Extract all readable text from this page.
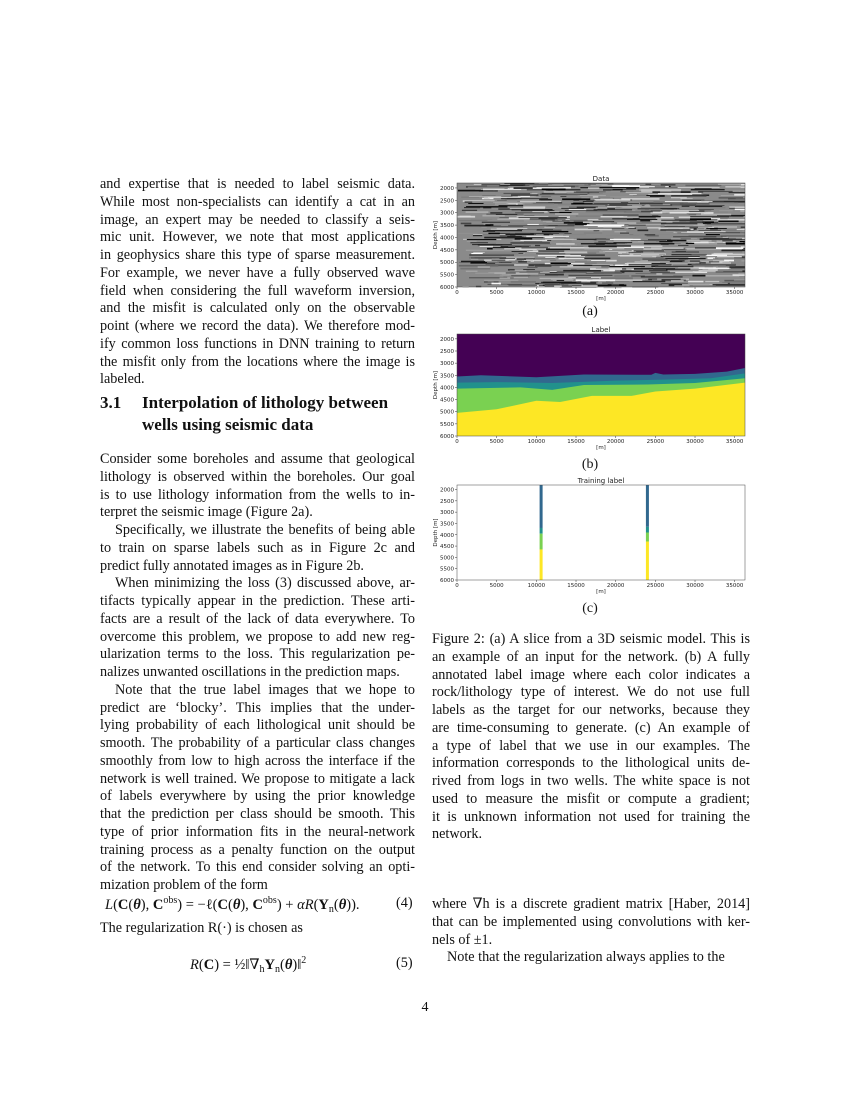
and expertise that is needed to label seismic data.
While most non-specialists can identify a cat in an
image, an expert may be needed to classify a seis-
mic unit. However, we note that most applications
in geophysics share this type of sparse measurement.
For example, we never have a fully observed wave
field when considering the full waveform inversion,
and the misfit is calculated only on the observable
point (where we record the data). We therefore mod-
ify common loss functions in DNN training to return
the misfit only from the locations where the image is
labeled.
3.1 Interpolation of lithology between
wells using seismic data
Consider some boreholes and assume that geological
lithology is observed within the boreholes. Our goal
is to use lithology information from the wells to in-
terpret the seismic image (Figure 2a).
Specifically, we illustrate the benefits of being able
to train on sparse labels such as in Figure 2c and
predict fully annotated images as in Figure 2b.
When minimizing the loss (3) discussed above, ar-
tifacts typically appear in the prediction. These arti-
facts are a result of the lack of data everywhere. To
overcome this problem, we propose to add new reg-
ularization terms to the loss. This regularization pe-
nalizes unwanted oscillations in the prediction maps.
Note that the true label images that we hope to
predict are ‘blocky’. This implies that the under-
lying probability of each lithological unit should be
smooth. The probability of a particular class changes
smoothly from low to high across the interface if the
network is well trained. We propose to mitigate a lack
of labels everywhere by using the prior knowledge
that the prediction per class should be smooth. This
type of prior information fits in the neural-network
training process as a penalty function on the output
of the network. To this end consider solving an opti-
mization problem of the form
L(C(θ), $C^{obs}$) = −ℓ(C(θ), $C^{obs}) + \alpha R(Y_n(\theta))$.	(4)
The regularization R(·) is chosen as
$R(C) = \frac{1}{2}‖\nabla_hY_n(\theta)‖^2$	(5)
Data
0	5000	10000	15000	20000	25000	30000	35000
2000
2500
3000
3500
4000
4500
5000
5500
6000
[m]
Depth [m]
(a)
Label
0	5000	10000	15000	20000	25000	30000	35000
2000
2500
3000
3500
4000
4500
5000
5500
6000
[m]
Depth [m]
(b)
Training label
0	5000	10000	15000	20000	25000	30000	35000
2000
2500
3000
3500
4000
4500
5000
5500
6000
[m]
Depth [m]
(c)
Figure 2: (a) A slice from a 3D seismic model. This is
an example of an input for the network. (b) A fully
annotated label image where each color indicates a
rock/lithology type of interest. We do not use full
labels as the target for our networks, because they
are time-consuming to generate. (c) An example of
a type of label that we use in our examples. The
information corresponds to the lithological units de-
rived from logs in two wells. The white space is not
used to measure the misfit or compute a gradient;
it is unknown information not used for training the
network.
where ∇h is a discrete gradient matrix [Haber, 2014]
that can be implemented using convolutions with ker-
nels of ±1.
Note that the regularization always applies to the
4
